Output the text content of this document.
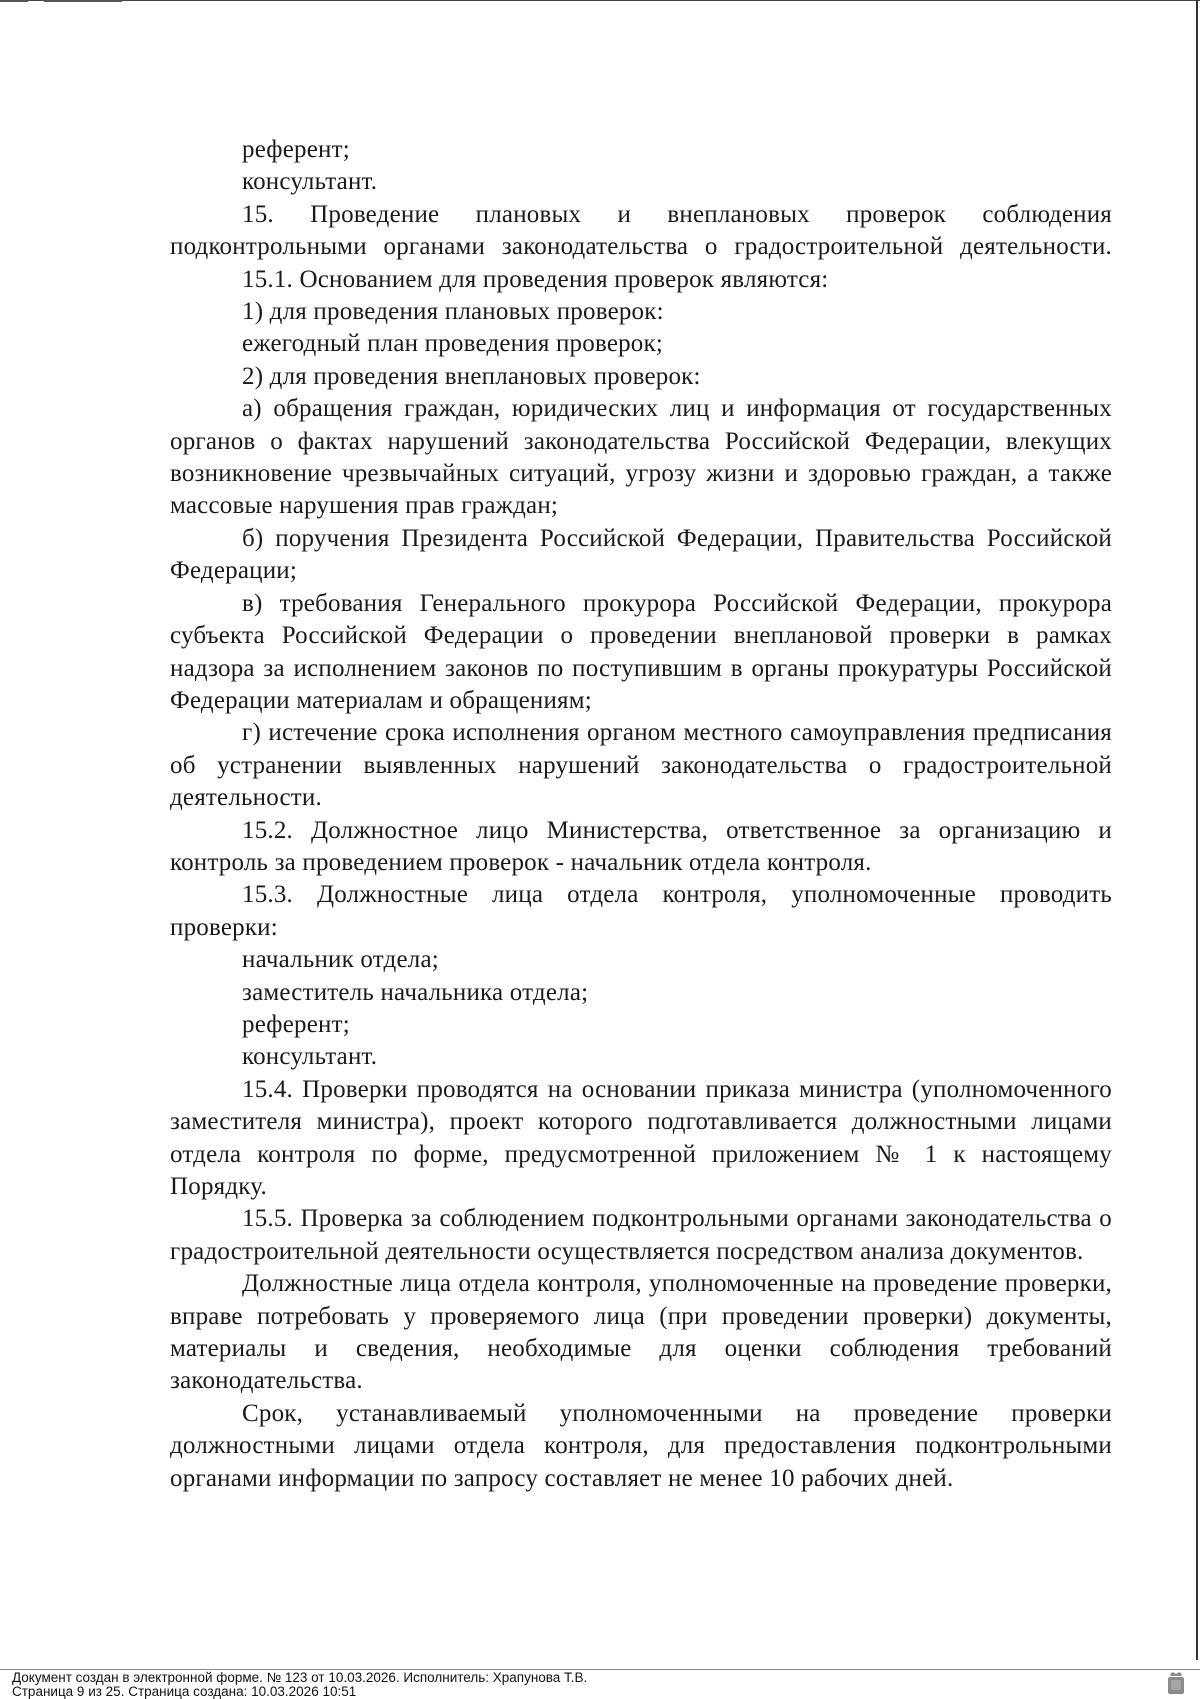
референт;

консультант.

15. Проведение плановых и внеплановых проверок соблюдения подконтрольными органами законодательства о градостроительной деятельности.

15.1. Основанием для проведения проверок являются:

1) для проведения плановых проверок:

ежегодный план проведения проверок;

2) для проведения внеплановых проверок:

а) обращения граждан, юридических лиц и информация от государственных органов о фактах нарушений законодательства Российской Федерации, влекущих возникновение чрезвычайных ситуаций, угрозу жизни и здоровью граждан, а также массовые нарушения прав граждан;

б) поручения Президента Российской Федерации, Правительства Российской Федерации;

в) требования Генерального прокурора Российской Федерации, прокурора субъекта Российской Федерации о проведении внеплановой проверки в рамках надзора за исполнением законов по поступившим в органы прокуратуры Российской Федерации материалам и обращениям;

г) истечение срока исполнения органом местного самоуправления предписания об устранении выявленных нарушений законодательства о градостроительной деятельности.

15.2. Должностное лицо Министерства, ответственное за организацию и контроль за проведением проверок - начальник отдела контроля.

15.3. Должностные лица отдела контроля, уполномоченные проводить проверки:

начальник отдела;

заместитель начальника отдела;

референт;

консультант.

15.4. Проверки проводятся на основании приказа министра (уполномоченного заместителя министра), проект которого подготавливается должностными лицами отдела контроля по форме, предусмотренной приложением № 1 к настоящему Порядку.

15.5. Проверка за соблюдением подконтрольными органами законодательства о градостроительной деятельности осуществляется посредством анализа документов.

Должностные лица отдела контроля, уполномоченные на проведение проверки, вправе потребовать у проверяемого лица (при проведении проверки) документы, материалы и сведения, необходимые для оценки соблюдения требований законодательства.

Срок, устанавливаемый уполномоченными на проведение проверки должностными лицами отдела контроля, для предоставления подконтрольными органами информации по запросу составляет не менее 10 рабочих дней.

Документ создан в электронной форме. № 123 от 10.03.2026. Исполнитель: Храпунова Т.В.
Страница 9 из 25. Страница создана: 10.03.2026 10:51
